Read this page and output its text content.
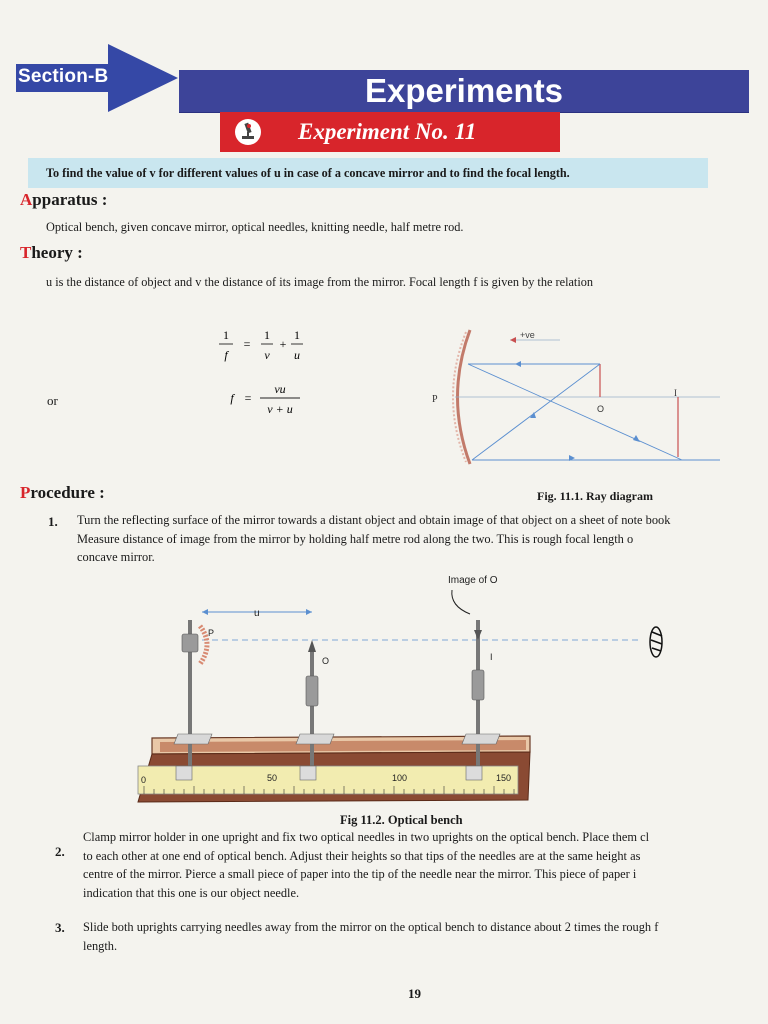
Section-B	Experiments
Experiment No. 11
To find the value of v for different values of u in case of a concave mirror and to find the focal length.
Apparatus :
Optical bench, given concave mirror, optical needles, knitting needle, half metre rod.
Theory :
u is the distance of object and v the distance of its image from the mirror. Focal length f is given by the relation
1
f
=
1
v
+
1
u
or	f =
vu
v + u
+ve
P
O
I
Fig. 11.1. Ray diagram
Procedure :
1. Turn the reflecting surface of the mirror towards a distant object and obtain image of that object on a sheet of note book
Measure distance of image from the mirror by holding half metre rod along the two. This is rough focal length o
concave mirror.
Image of O
u
0	50	100	150
P
O	I
Fig 11.2. Optical bench
2.
Clamp mirror holder in one upright and fix two optical needles in two uprights on the optical bench. Place them cl
to each other at one end of optical bench. Adjust their heights so that tips of the needles are at the same height as
centre of the mirror. Pierce a small piece of paper into the tip of the needle near the mirror. This piece of paper i
indication that this one is our object needle.
3. Slide both uprights carrying needles away from the mirror on the optical bench to distance about 2 times the rough f
length.
19
